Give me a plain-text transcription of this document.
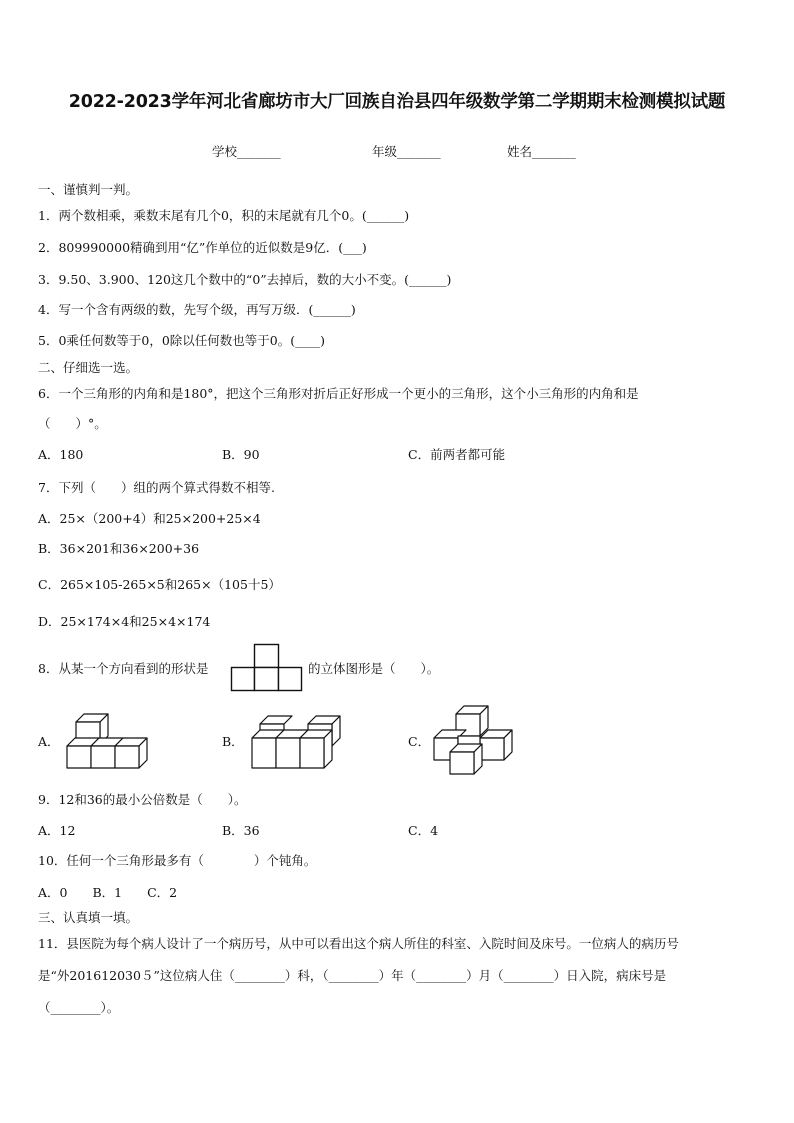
2022-2023学年河北省廊坊市大厂回族自治县四年级数学第二学期期末检测模拟试题
学校_______	年级_______	姓名_______
一、谨慎判一判。
1．两个数相乘，乘数末尾有几个0，积的末尾就有几个0。(______)
2．809990000精确到用“亿”作单位的近似数是9亿．(___)
3．9.50、3.900、120这几个数中的“0”去掉后，数的大小不变。(______)
4．写一个含有两级的数，先写个级，再写万级．(______)
5．0乘任何数等于0，0除以任何数也等于0。(____)
二、仔细选一选。
6．一个三角形的内角和是180°，把这个三角形对折后正好形成一个更小的三角形，这个小三角形的内角和是
（　　）°。
A．180	B．90	C．前两者都可能
7．下列（　　）组的两个算式得数不相等.
A．25×（200+4）和25×200+25×4
B．36×201和36×200+36
C．265×105-265×5和265×（105十5）
D．25×174×4和25×4×174
8．从某一个方向看到的形状是	的立体图形是（　　）。
A．	B．	C．
9．12和36的最小公倍数是（　　）。
A．12	B．36	C．4
10．任何一个三角形最多有（　　　　）个钝角。
A．0　　B．1　　C．2
三、认真填一填。
11．县医院为每个病人设计了一个病历号，从中可以看出这个病人所住的科室、入院时间及床号。一位病人的病历号
是“外201612030５”这位病人住（________）科，（________）年（________）月（________）日入院，病床号是
（________）。
